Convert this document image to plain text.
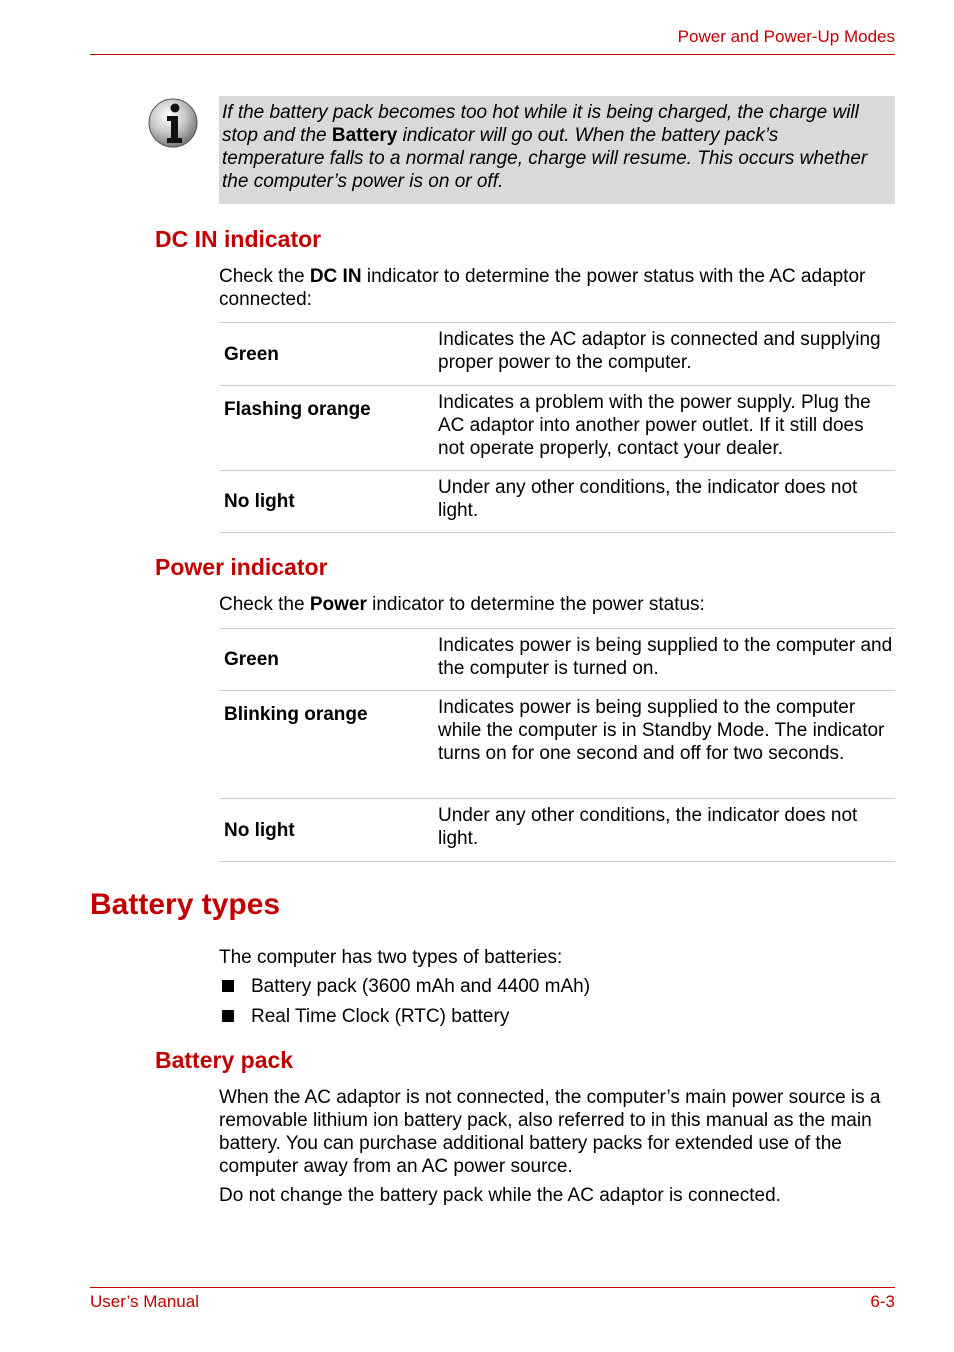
Power and Power-Up Modes
If the battery pack becomes too hot while it is being charged, the charge will stop and the Battery indicator will go out. When the battery pack’s temperature falls to a normal range, charge will resume. This occurs whether the computer’s power is on or off.
DC IN indicator

Check the DC IN indicator to determine the power status with the AC adaptor connected:

Green	Indicates the AC adaptor is connected and supplying proper power to the computer.
Flashing orange	Indicates a problem with the power supply. Plug the AC adaptor into another power outlet. If it still does not operate properly, contact your dealer.
No light	Under any other conditions, the indicator does not light.
Power indicator

Check the Power indicator to determine the power status:

Green	Indicates power is being supplied to the computer and the computer is turned on.
Blinking orange	Indicates power is being supplied to the computer while the computer is in Standby Mode. The indicator turns on for one second and off for two seconds.
No light	Under any other conditions, the indicator does not light.
Battery types

The computer has two types of batteries:

Battery pack (3600 mAh and 4400 mAh)
Real Time Clock (RTC) battery
Battery pack

When the AC adaptor is not connected, the computer’s main power source is a removable lithium ion battery pack, also referred to in this manual as the main battery. You can purchase additional battery packs for extended use of the computer away from an AC power source.

Do not change the battery pack while the AC adaptor is connected.

User’s Manual	6-3
